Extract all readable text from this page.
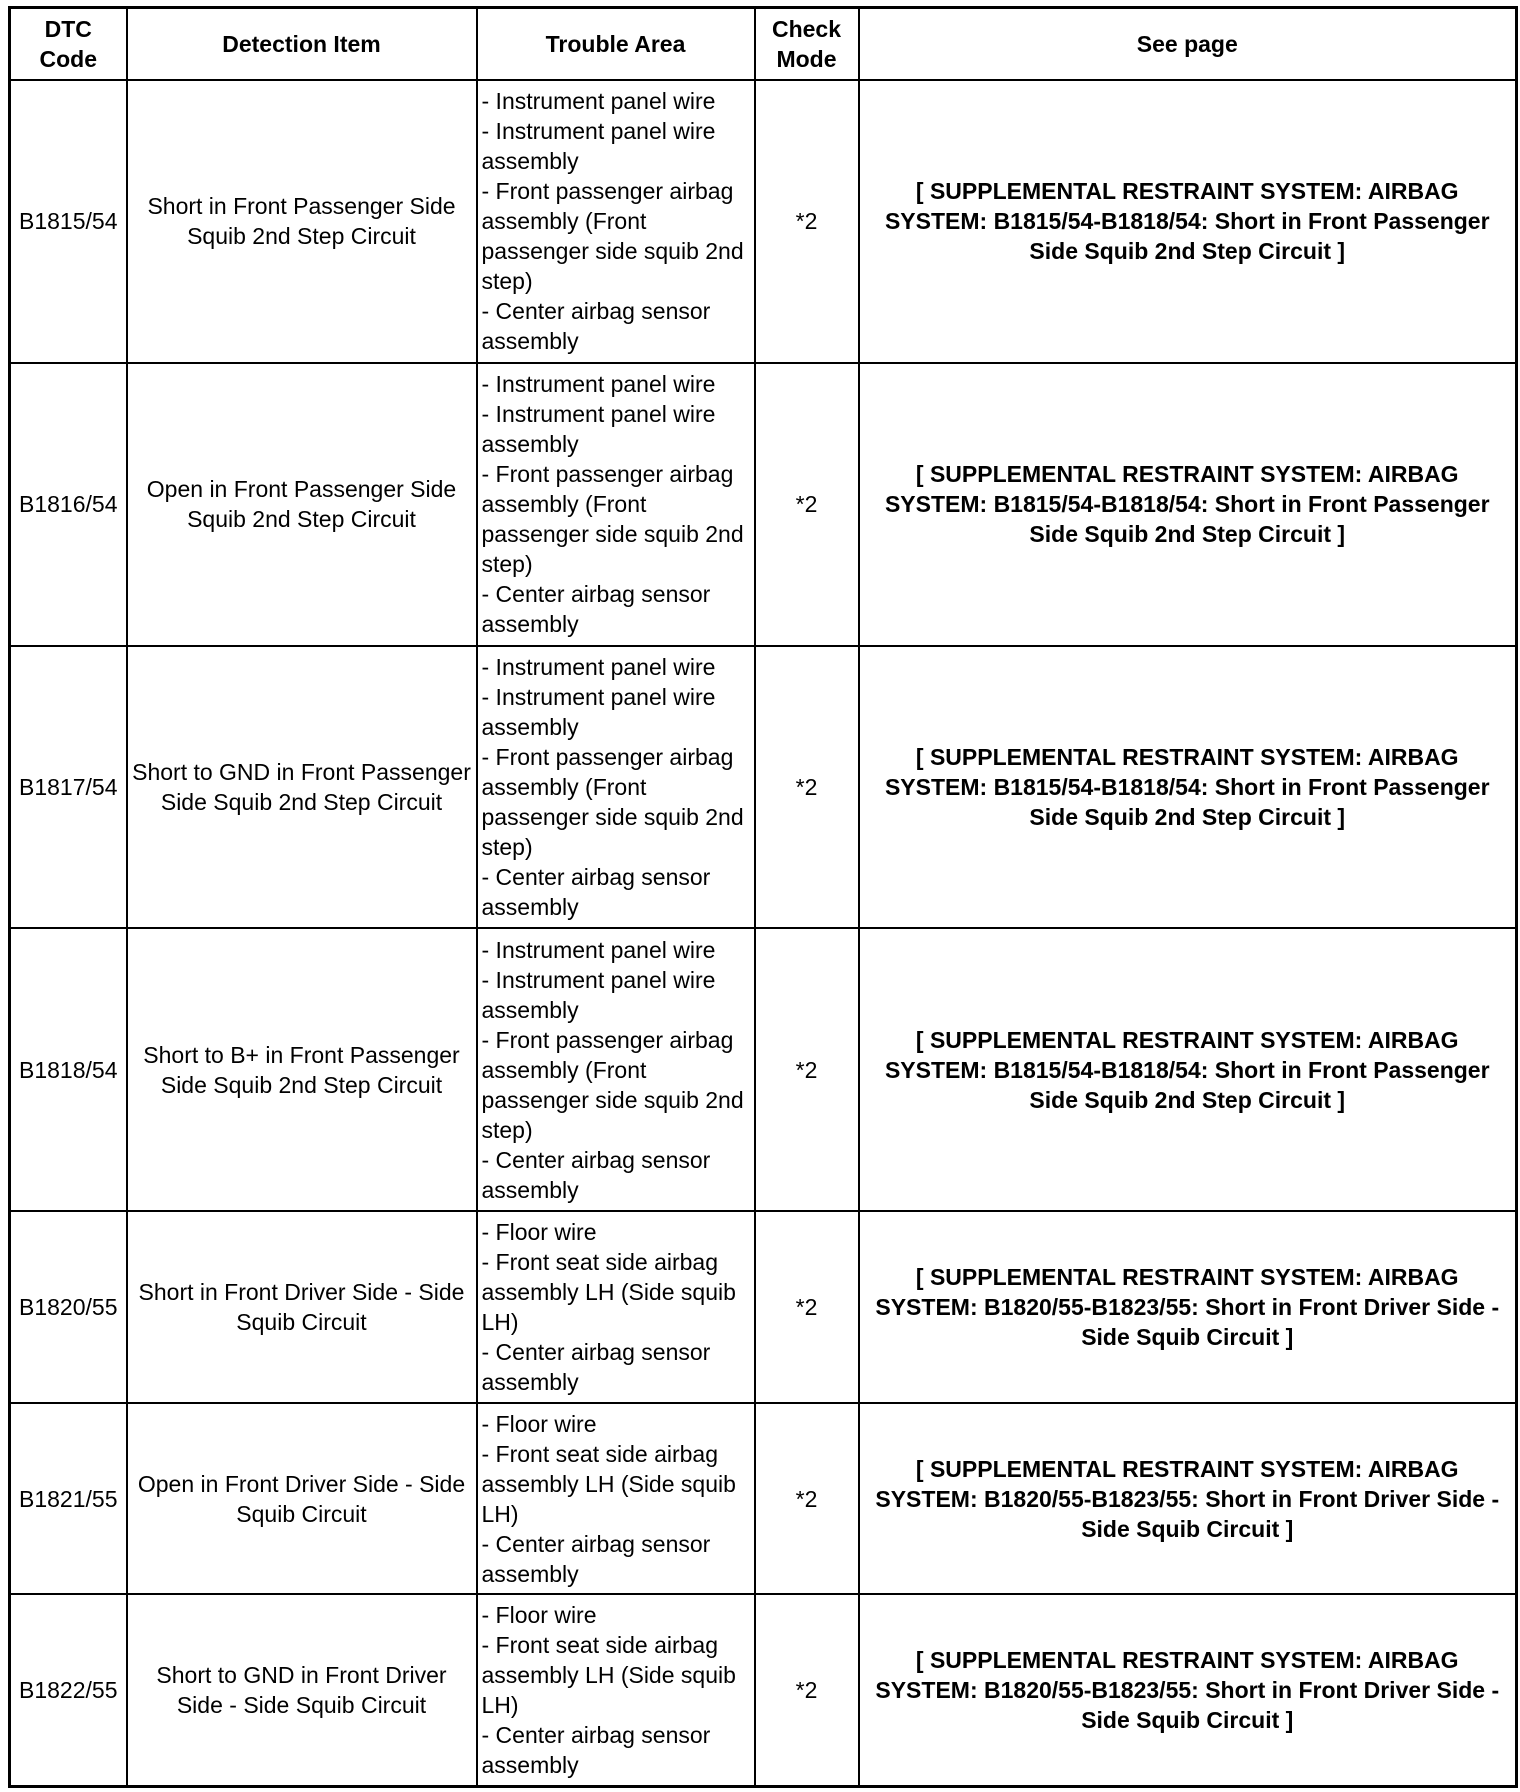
DTC Code	Detection Item	Trouble Area	Check Mode	See page
B1815/54	Short in Front Passenger Side Squib 2nd Step Circuit	- Instrument panel wire
- Instrument panel wire assembly
- Front passenger airbag assembly (Front passenger side squib 2nd step)
- Center airbag sensor assembly	*2	[ SUPPLEMENTAL RESTRAINT SYSTEM: AIRBAG SYSTEM: B1815/54-B1818/54: Short in Front Passenger Side Squib 2nd Step Circuit ]
B1816/54	Open in Front Passenger Side Squib 2nd Step Circuit	- Instrument panel wire
- Instrument panel wire assembly
- Front passenger airbag assembly (Front passenger side squib 2nd step)
- Center airbag sensor assembly	*2	[ SUPPLEMENTAL RESTRAINT SYSTEM: AIRBAG SYSTEM: B1815/54-B1818/54: Short in Front Passenger Side Squib 2nd Step Circuit ]
B1817/54	Short to GND in Front Passenger Side Squib 2nd Step Circuit	- Instrument panel wire
- Instrument panel wire assembly
- Front passenger airbag assembly (Front passenger side squib 2nd step)
- Center airbag sensor assembly	*2	[ SUPPLEMENTAL RESTRAINT SYSTEM: AIRBAG SYSTEM: B1815/54-B1818/54: Short in Front Passenger Side Squib 2nd Step Circuit ]
B1818/54	Short to B+ in Front Passenger Side Squib 2nd Step Circuit	- Instrument panel wire
- Instrument panel wire assembly
- Front passenger airbag assembly (Front passenger side squib 2nd step)
- Center airbag sensor assembly	*2	[ SUPPLEMENTAL RESTRAINT SYSTEM: AIRBAG SYSTEM: B1815/54-B1818/54: Short in Front Passenger Side Squib 2nd Step Circuit ]
B1820/55	Short in Front Driver Side - Side Squib Circuit	- Floor wire
- Front seat side airbag assembly LH (Side squib LH)
- Center airbag sensor assembly	*2	[ SUPPLEMENTAL RESTRAINT SYSTEM: AIRBAG SYSTEM: B1820/55-B1823/55: Short in Front Driver Side - Side Squib Circuit ]
B1821/55	Open in Front Driver Side - Side Squib Circuit	- Floor wire
- Front seat side airbag assembly LH (Side squib LH)
- Center airbag sensor assembly	*2	[ SUPPLEMENTAL RESTRAINT SYSTEM: AIRBAG SYSTEM: B1820/55-B1823/55: Short in Front Driver Side - Side Squib Circuit ]
B1822/55	Short to GND in Front Driver Side - Side Squib Circuit	- Floor wire
- Front seat side airbag assembly LH (Side squib LH)
- Center airbag sensor assembly	*2	[ SUPPLEMENTAL RESTRAINT SYSTEM: AIRBAG SYSTEM: B1820/55-B1823/55: Short in Front Driver Side - Side Squib Circuit ]
